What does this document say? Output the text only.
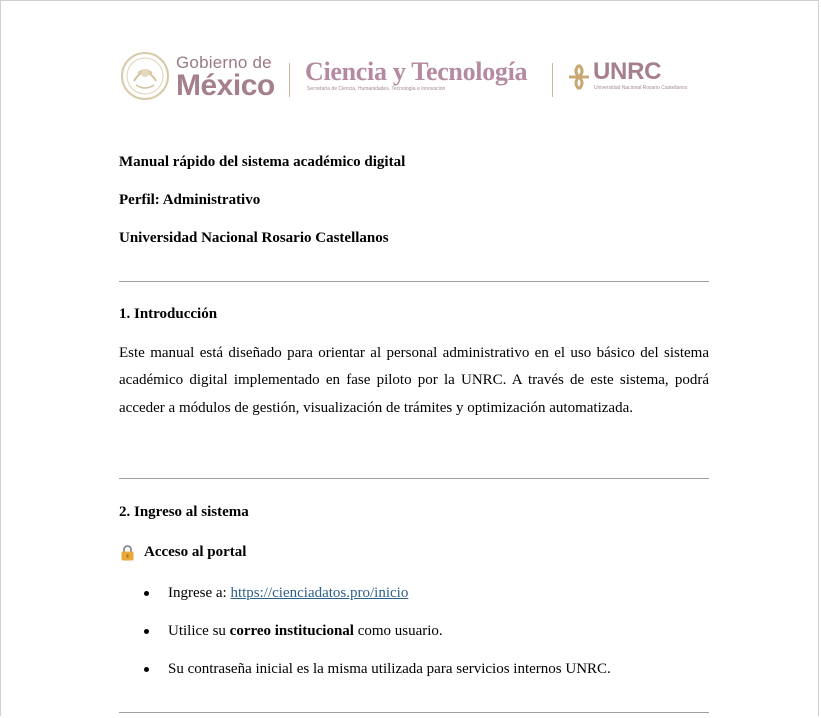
Gobierno de
México Ciencia y Tecnología
Secretaría de Ciencia, Humanidades, Tecnología e Innovación
UNRC
Universidad Nacional Rosario Castellanos
Manual rápido del sistema académico digital
Perfil: Administrativo
Universidad Nacional Rosario Castellanos
1. Introducción
Este manual está diseñado para orientar al personal administrativo en el uso básico del sistema académico digital implementado en fase piloto por la UNRC. A través de este sistema, podrá acceder a módulos de gestión, visualización de trámites y optimización automatizada.
2. Ingreso al sistema
Acceso al portal
Ingrese a: https://cienciadatos.pro/inicio
Utilice su correo institucional como usuario.
Su contraseña inicial es la misma utilizada para servicios internos UNRC.
